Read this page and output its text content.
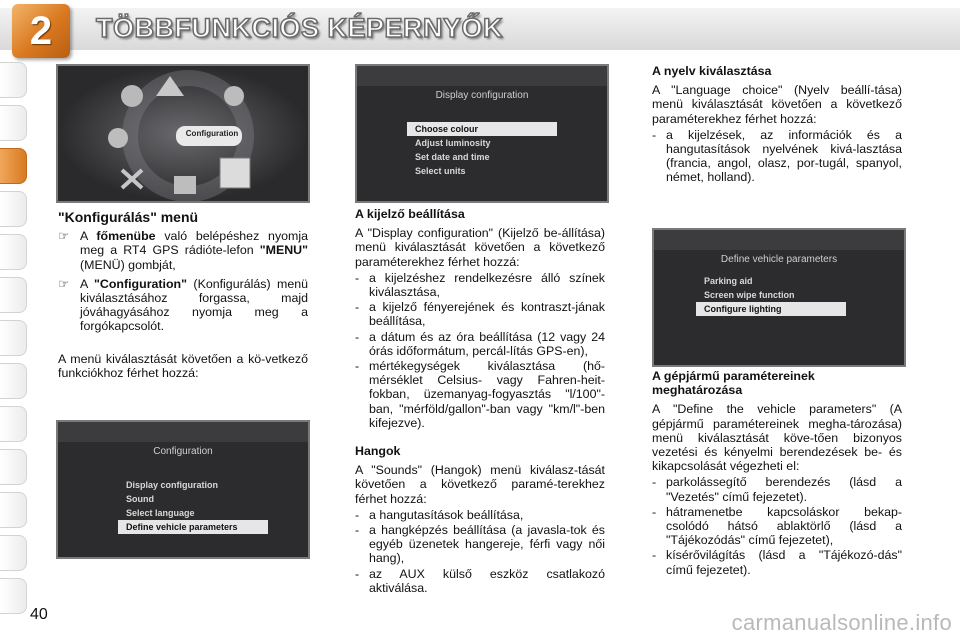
2	TÖBBFUNKCIÓS KÉPERNYŐK
Configuration
Display configuration
Choose colour
Adjust luminosity
Set date and time
Select units
Configuration
Display configuration
Sound
Select language
Define vehicle parameters
Define vehicle parameters
Parking aid
Screen wipe function
Configure lighting
"Konfigurálás" menü
☞ A főmenübe való belépéshez nyomja meg a RT4 GPS rádióte-lefon "MENU" (MENÜ) gombját,
☞ A "Configuration" (Konfigurálás) menü kiválasztásához forgassa, majd jóváhagyásához nyomja meg a forgókapcsolót.
A menü kiválasztását követően a kö-vetkező funkciókhoz férhet hozzá:
A kijelző beállítása
A "Display configuration" (Kijelző be-állítása) menü kiválasztását követően a következő paraméterekhez férhet hozzá:
- a kijelzéshez rendelkezésre álló színek kiválasztása,
- a kijelző fényerejének és kontraszt-jának beállítása,
- a dátum és az óra beállítása (12 vagy 24 órás időformátum, percál-lítás GPS-en),
- mértékegységek kiválasztása (hő-mérséklet Celsius- vagy Fahren-heit-fokban, üzemanyag-fogyasztás "l/100"-ban, "mérföld/gallon"-ban vagy "km/l"-ben kifejezve).
Hangok
A "Sounds" (Hangok) menü kiválasz-tását követően a következő paramé-terekhez férhet hozzá:
- a hangutasítások beállítása,
- a hangképzés beállítása (a javasla-tok és egyéb üzenetek hangereje, férfi vagy női hang),
- az AUX külső eszköz csatlakozó aktiválása.
A nyelv kiválasztása
A "Language choice" (Nyelv beállí-tása) menü kiválasztását követően a következő paraméterekhez férhet hozzá:
- a kijelzések, az információk és a hangutasítások nyelvének kivá-lasztása (francia, angol, olasz, por-tugál, spanyol, német, holland).
A gépjármű paramétereinek meghatározása
A "Define the vehicle parameters" (A gépjármű paramétereinek megha-tározása) menü kiválasztását köve-tően bizonyos vezetési és kényelmi berendezések be- és kikapcsolását végezheti el:
- parkolássegítő berendezés (lásd a "Vezetés" című fejezetet).
- hátramenetbe kapcsoláskor bekap-csolódó hátsó ablaktörlő (lásd a "Tájékozódás" című fejezetet),
- kísérővilágítás (lásd a "Tájékozó-dás" című fejezetet).
40	carmanualsonline.info
